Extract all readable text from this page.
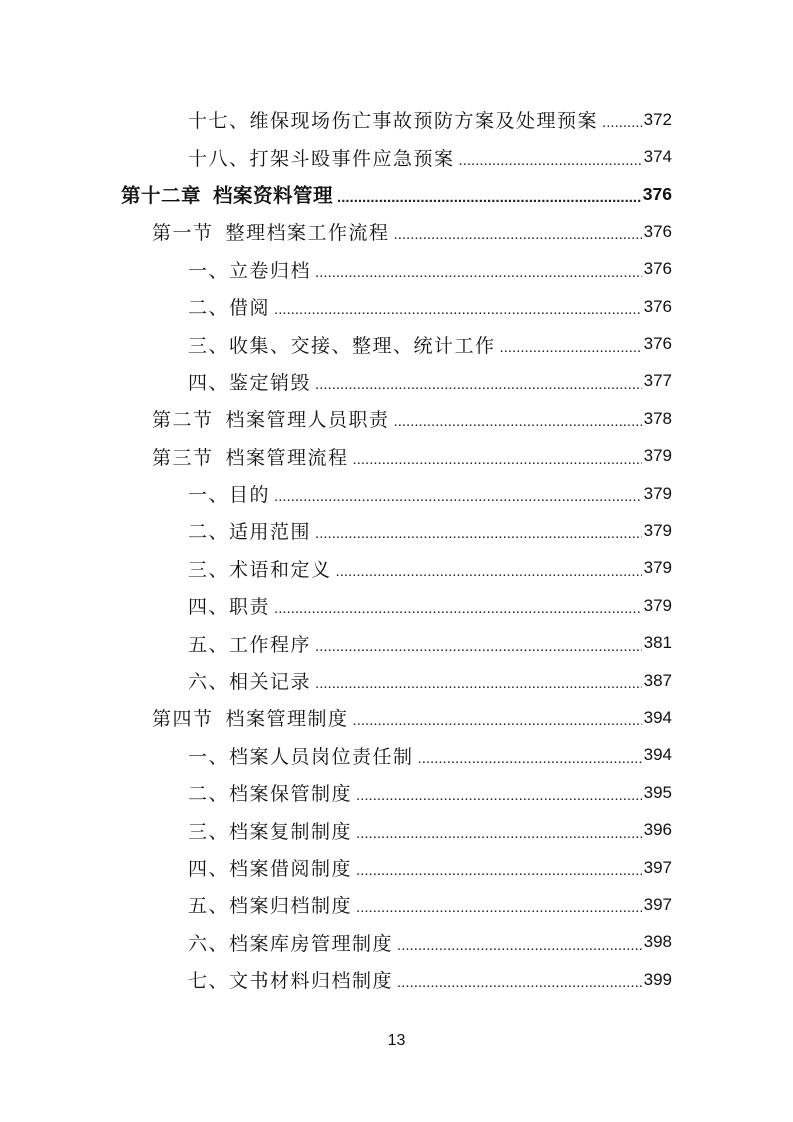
十七、维保现场伤亡事故预防方案及处理预案 .....	372
十八、打架斗殴事件应急预案 .....	374
第十二章 档案资料管理 .....	376
第一节 整理档案工作流程 .....	376
一、立卷归档 .....	376
二、借阅 .....	376
三、收集、交接、整理、统计工作 .....	376
四、鉴定销毁 .....	377
第二节 档案管理人员职责 .....	378
第三节 档案管理流程 .....	379
一、目的 .....	379
二、适用范围 .....	379
三、术语和定义 .....	379
四、职责 .....	379
五、工作程序 .....	381
六、相关记录 .....	387
第四节 档案管理制度 .....	394
一、档案人员岗位责任制 .....	394
二、档案保管制度 .....	395
三、档案复制制度 .....	396
四、档案借阅制度 .....	397
五、档案归档制度 .....	397
六、档案库房管理制度 .....	398
七、文书材料归档制度 .....	399
13
